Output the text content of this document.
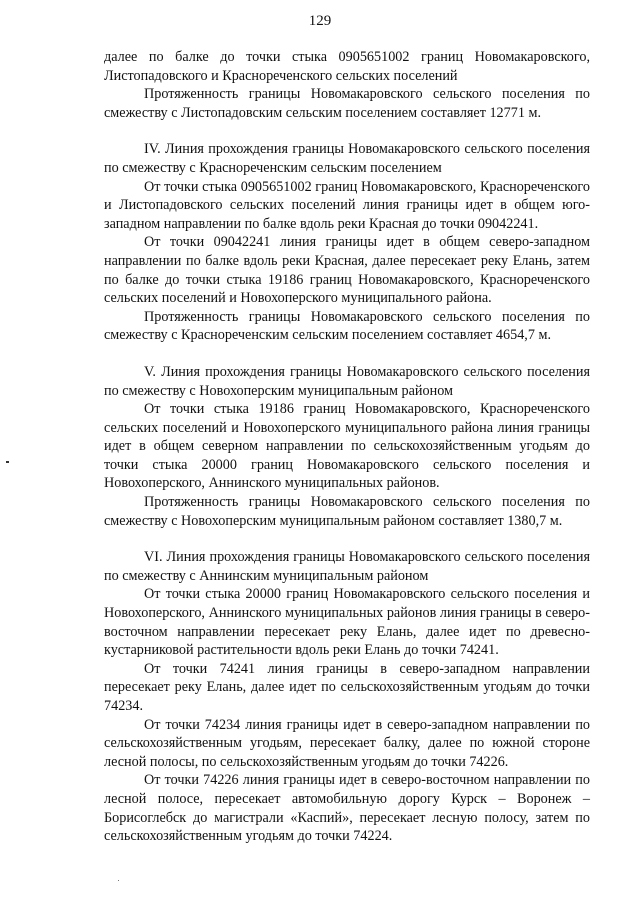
129

далее по балке до точки стыка 0905651002 границ Новомакаровского, Листопадовского и Краснореченского сельских поселений

Протяженность границы Новомакаровского сельского поселения по смежеству с Листопадовским сельским поселением составляет 12771 м.

IV. Линия прохождения границы Новомакаровского сельского поселения по смежеству с Краснореченским сельским поселением

От точки стыка 0905651002 границ Новомакаровского, Краснореченского и Листопадовского сельских поселений линия границы идет в общем юго-западном направлении по балке вдоль реки Красная до точки 09042241.

От точки 09042241 линия границы идет в общем северо-западном направлении по балке вдоль реки Красная, далее пересекает реку Елань, затем по балке до точки стыка 19186 границ Новомакаровского, Краснореченского сельских поселений и Новохоперского муниципального района.

Протяженность границы Новомакаровского сельского поселения по смежеству с Краснореченским сельским поселением составляет 4654,7 м.

V. Линия прохождения границы Новомакаровского сельского поселения по смежеству с Новохоперским муниципальным районом

От точки стыка 19186 границ Новомакаровского, Краснореченского сельских поселений и Новохоперского муниципального района линия границы идет в общем северном направлении по сельскохозяйственным угодьям до точки стыка 20000 границ Новомакаровского сельского поселения и Новохоперского, Аннинского муниципальных районов.

Протяженность границы Новомакаровского сельского поселения по смежеству с Новохоперским муниципальным районом составляет 1380,7 м.

VI. Линия прохождения границы Новомакаровского сельского поселения по смежеству с Аннинским муниципальным районом

От точки стыка 20000 границ Новомакаровского сельского поселения и Новохоперского, Аннинского муниципальных районов линия границы в северо-восточном направлении пересекает реку Елань, далее идет по древесно-кустарниковой растительности вдоль реки Елань до точки 74241.

От точки 74241 линия границы в северо-западном направлении пересекает реку Елань, далее идет по сельскохозяйственным угодьям до точки 74234.

От точки 74234 линия границы идет в северо-западном направлении по сельскохозяйственным угодьям, пересекает балку, далее по южной стороне лесной полосы, по сельскохозяйственным угодьям до точки 74226.

От точки 74226 линия границы идет в северо-восточном направлении по лесной полосе, пересекает автомобильную дорогу Курск – Воронеж – Борисоглебск до магистрали «Каспий», пересекает лесную полосу, затем по сельскохозяйственным угодьям до точки 74224.
